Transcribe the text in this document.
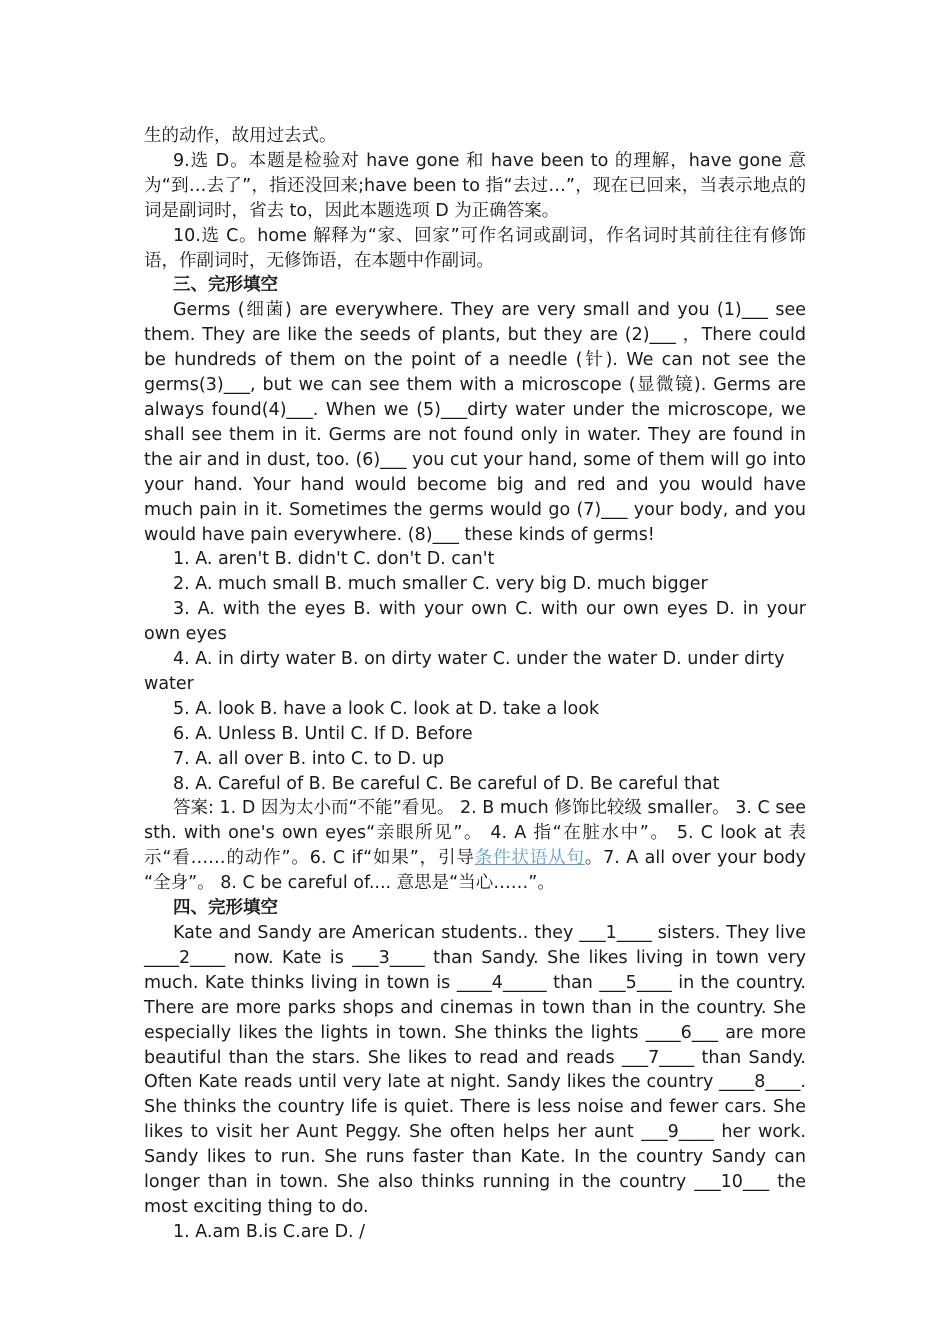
生的动作，故用过去式。

9.选 D。本题是检验对 have gone 和 have been to 的理解，have gone 意为“到…去了”，指还没回来;have been to 指“去过…”，现在已回来，当表示地点的词是副词时，省去 to，因此本题选项 D 为正确答案。

10.选 C。home 解释为“家、回家”可作名词或副词，作名词时其前往往有修饰语，作副词时，无修饰语，在本题中作副词。

三、完形填空

Germs (细菌) are everywhere. They are very small and you (1)___ see them. They are like the seeds of plants, but they are (2)___ ，There could be hundreds of them on the point of a needle (针). We can not see the germs(3)___, but we can see them with a microscope (显微镜). Germs are always found(4)___. When we (5)___dirty water under the microscope, we shall see them in it. Germs are not found only in water. They are found in the air and in dust, too. (6)___ you cut your hand, some of them will go into your hand. Your hand would become big and red and you would have much pain in it. Sometimes the germs would go (7)___ your body, and you would have pain everywhere. (8)___ these kinds of germs!

1. A. aren't B. didn't C. don't D. can't

2. A. much small B. much smaller C. very big D. much bigger

3. A. with the eyes B. with your own C. with our own eyes D. in your own eyes

4. A. in dirty water B. on dirty water C. under the water D. under dirty water

5. A. look B. have a look C. look at D. take a look

6. A. Unless B. Until C. If D. Before

7. A. all over B. into C. to D. up

8. A. Careful of B. Be careful C. Be careful of D. Be careful that

答案: 1. D 因为太小而“不能”看见。 2. B much 修饰比较级 smaller。 3. C see sth. with one's own eyes“亲眼所见”。 4. A 指“在脏水中”。 5. C look at 表示“看……的动作”。6. C if“如果”，引导条件状语从句。7. A all over your body “全身”。 8. C be careful of.... 意思是“当心……”。

四、完形填空

Kate and Sandy are American students.. they ___1____ sisters. They live ____2____ now. Kate is ___3____ than Sandy. She likes living in town very much. Kate thinks living in town is ____4_____ than ___5____ in the country. There are more parks shops and cinemas in town than in the country. She especially likes the lights in town. She thinks the lights ____6___ are more beautiful than the stars. She likes to read and reads ___7____ than Sandy. Often Kate reads until very late at night. Sandy likes the country ____8____. She thinks the country life is quiet. There is less noise and fewer cars. She likes to visit her Aunt Peggy. She often helps her aunt ___9____ her work. Sandy likes to run. She runs faster than Kate. In the country Sandy can longer than in town. She also thinks running in the country ___10___ the most exciting thing to do.

1. A.am B.is C.are D. /
